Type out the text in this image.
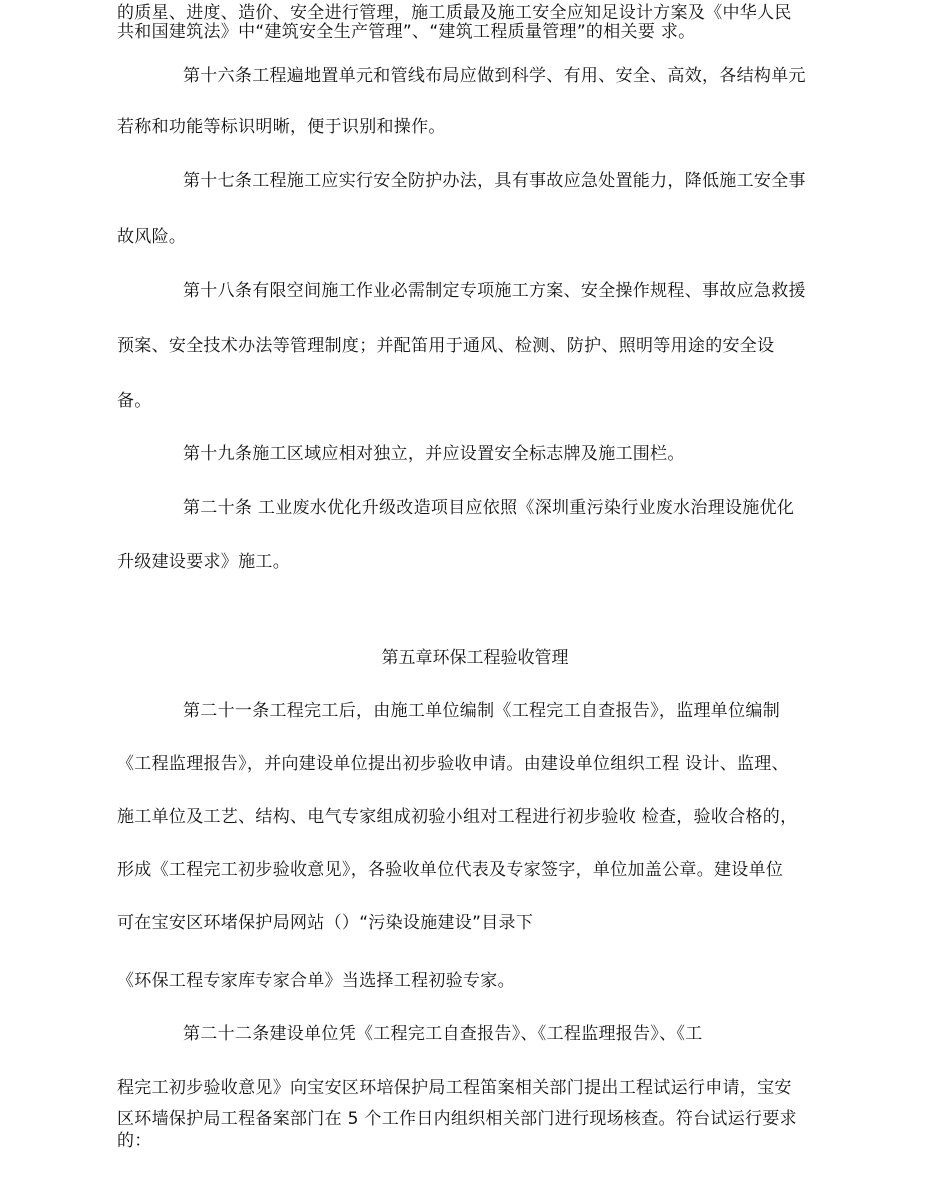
的质星、进度、造价、安全进行管理，施工质最及施工安全应知足设计方案及《中华人民
共和国建筑法》中“建筑安全生产管理”、“建筑工程质量管理”的相关要 求。
第十六条工程遍地置单元和管线布局应做到科学、有用、安全、高效，各结构单元
若称和功能等标识明晰，便于识别和操作。
第十七条工程施工应实行安全防护办法，具有事故应急处置能力，降低施工安全事
故风险。
第十八条有限空间施工作业必需制定专项施工方案、安全操作规程、事故应急救援
预案、安全技术办法等管理制度；并配笛用于通风、检测、防护、照明等用途的安全设
备。
第十九条施工区域应相对独立，并应设置安全标志牌及施工围栏。
第二十条 工业废水优化升级改造项目应依照《深圳重污染行业废水治理设施优化
升级建设要求》施工。
第五章环保工程验收管理
第二十一条工程完工后，由施工单位编制《工程完工自查报告》，监理单位编制
《工程监理报告》，并向建设单位提出初步验收申请。由建设单位组织工程 设计、监理、
施工单位及工艺、结构、电气专家组成初验小组对工程进行初步验收 检查，验收合格的，
形成《工程完工初步验收意见》，各验收单位代表及专家签字，单位加盖公章。建设单位
可在宝安区环堵保护局网站（）“污染设施建设”目录下
《环保工程专家库专家合单》当选择工程初验专家。
第二十二条建设单位凭《工程完工自查报告》、《工程监理报告》、《工
程完工初步验收意见》向宝安区环培保护局工程笛案相关部门提出工程试运行申请，宝安
区环墙保护局工程备案部门在 5 个工作日内组织相关部门进行现场核查。符台试运行要求
的：
